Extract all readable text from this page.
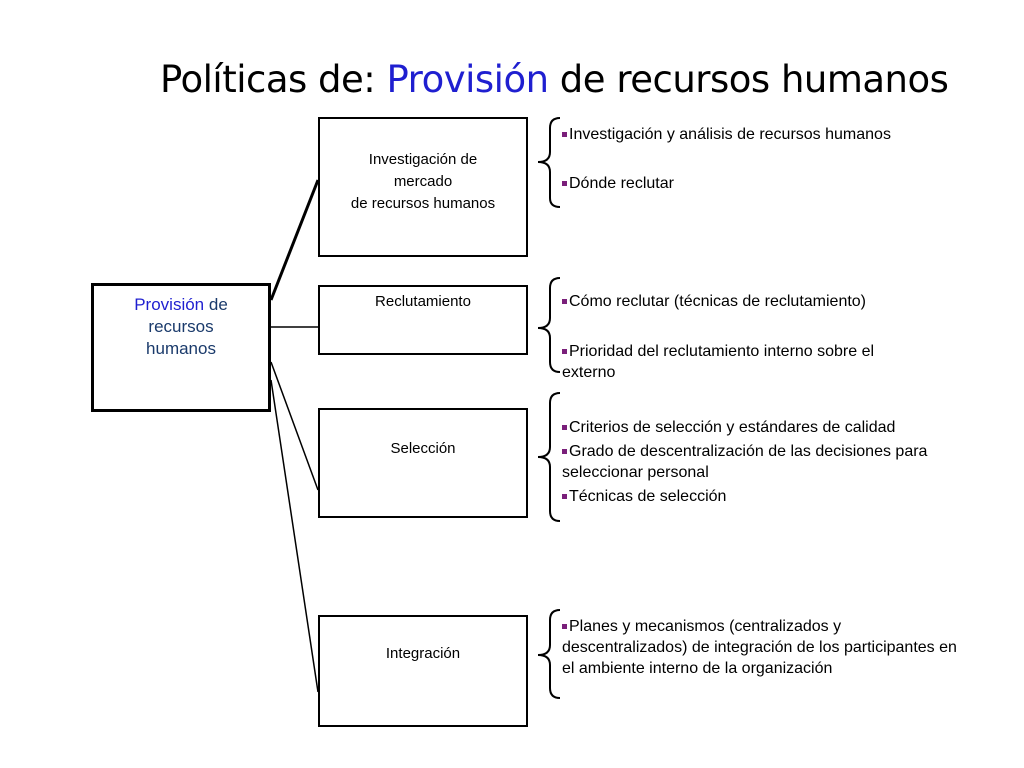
Políticas de: Provisión de recursos humanos
Provisión de
recursos
humanos
Investigación de
mercado
de recursos humanos
Reclutamiento
Selección
Integración
Investigación y análisis de recursos humanos
Dónde reclutar
Cómo reclutar (técnicas de reclutamiento)
Prioridad del reclutamiento interno sobre el externo
Criterios de selección y estándares de calidad
Grado de descentralización de las decisiones para seleccionar personal
Técnicas de selección
Planes y mecanismos (centralizados y descentralizados) de integración de los participantes en el ambiente interno de la organización
